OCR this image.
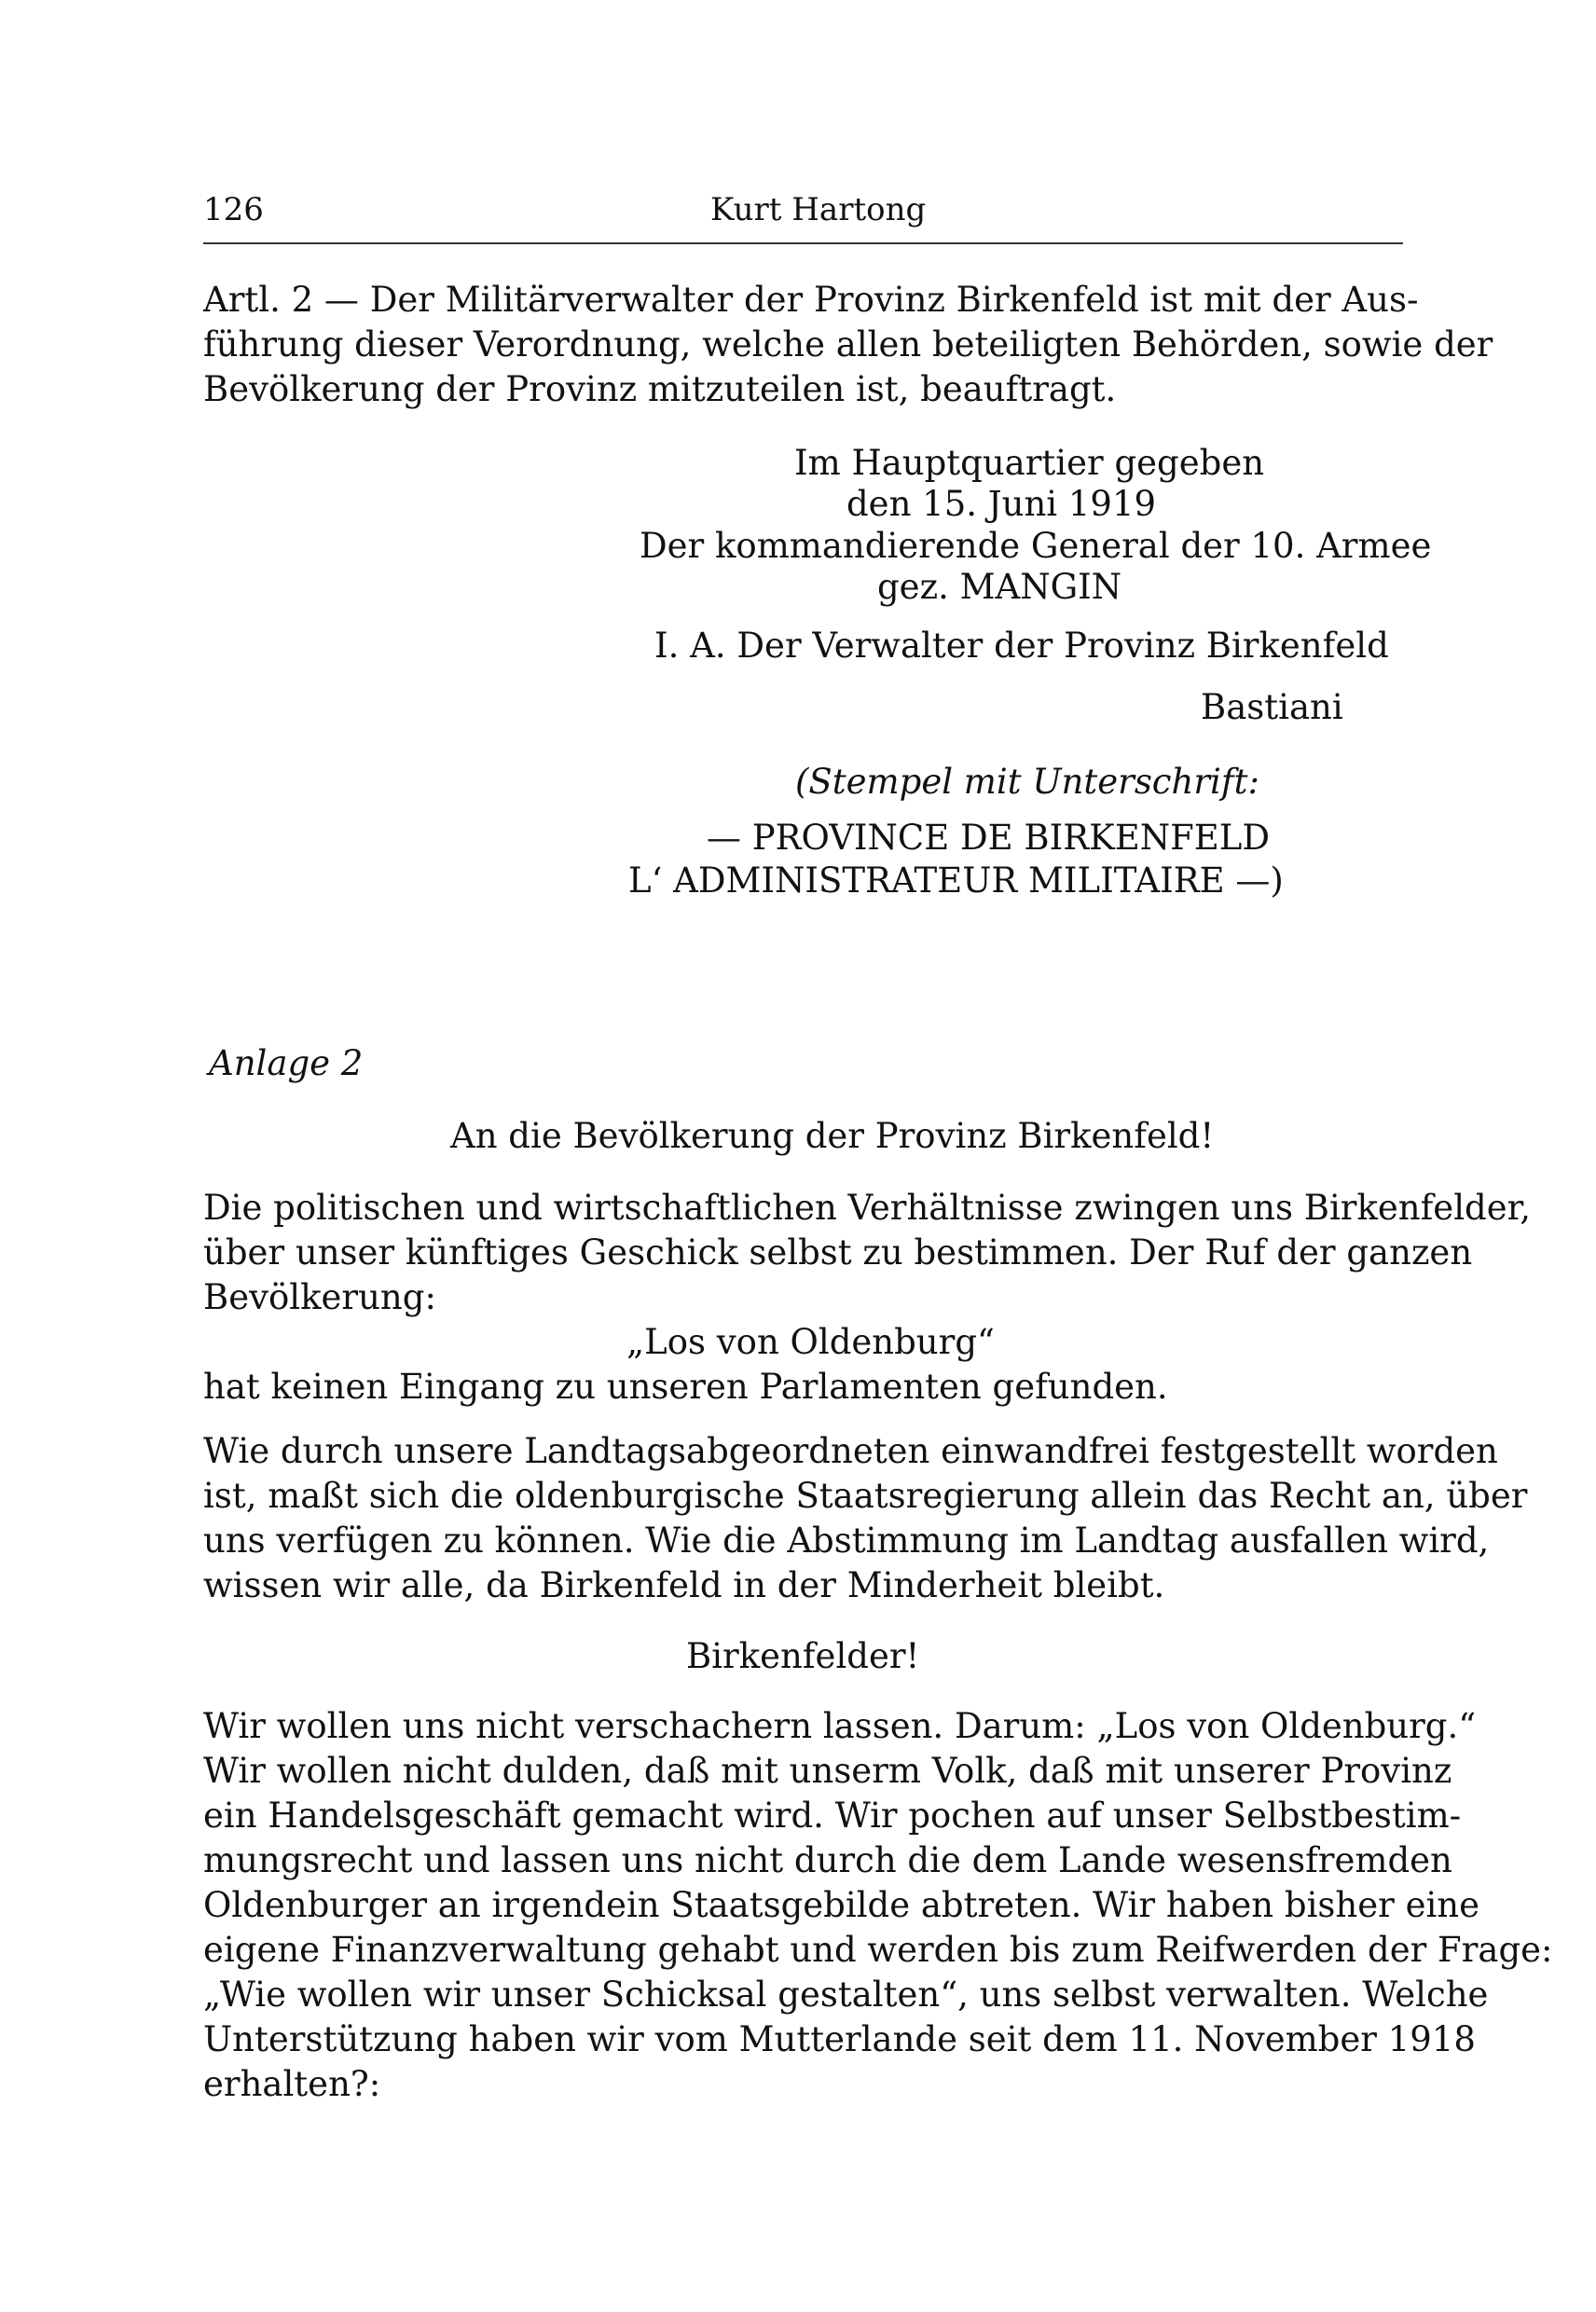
126	Kurt Hartong
Artl. 2 — Der Militärverwalter der Provinz Birkenfeld ist mit der Aus-
führung dieser Verordnung, welche allen beteiligten Behörden, sowie der
Bevölkerung der Provinz mitzuteilen ist, beauftragt.
Im Hauptquartier gegeben
den 15. Juni 1919
Der kommandierende General der 10. Armee
gez. MANGIN
I. A. Der Verwalter der Provinz Birkenfeld
Bastiani
(Stempel mit Unterschrift:
— PROVINCE DE BIRKENFELD
L‘ ADMINISTRATEUR MILITAIRE —)
Anlage 2
An die Bevölkerung der Provinz Birkenfeld!
Die politischen und wirtschaftlichen Verhältnisse zwingen uns Birkenfelder,
über unser künftiges Geschick selbst zu bestimmen. Der Ruf der ganzen
Bevölkerung:
„Los von Oldenburg“
hat keinen Eingang zu unseren Parlamenten gefunden.
Wie durch unsere Landtagsabgeordneten einwandfrei festgestellt worden
ist, maßt sich die oldenburgische Staatsregierung allein das Recht an, über
uns verfügen zu können. Wie die Abstimmung im Landtag ausfallen wird,
wissen wir alle, da Birkenfeld in der Minderheit bleibt.
Birkenfelder!
Wir wollen uns nicht verschachern lassen. Darum: „Los von Oldenburg.“
Wir wollen nicht dulden, daß mit unserm Volk, daß mit unserer Provinz
ein Handelsgeschäft gemacht wird. Wir pochen auf unser Selbstbestim-
mungsrecht und lassen uns nicht durch die dem Lande wesensfremden
Oldenburger an irgendein Staatsgebilde abtreten. Wir haben bisher eine
eigene Finanzverwaltung gehabt und werden bis zum Reifwerden der Frage:
„Wie wollen wir unser Schicksal gestalten“, uns selbst verwalten. Welche
Unterstützung haben wir vom Mutterlande seit dem 11. November 1918
erhalten?:
